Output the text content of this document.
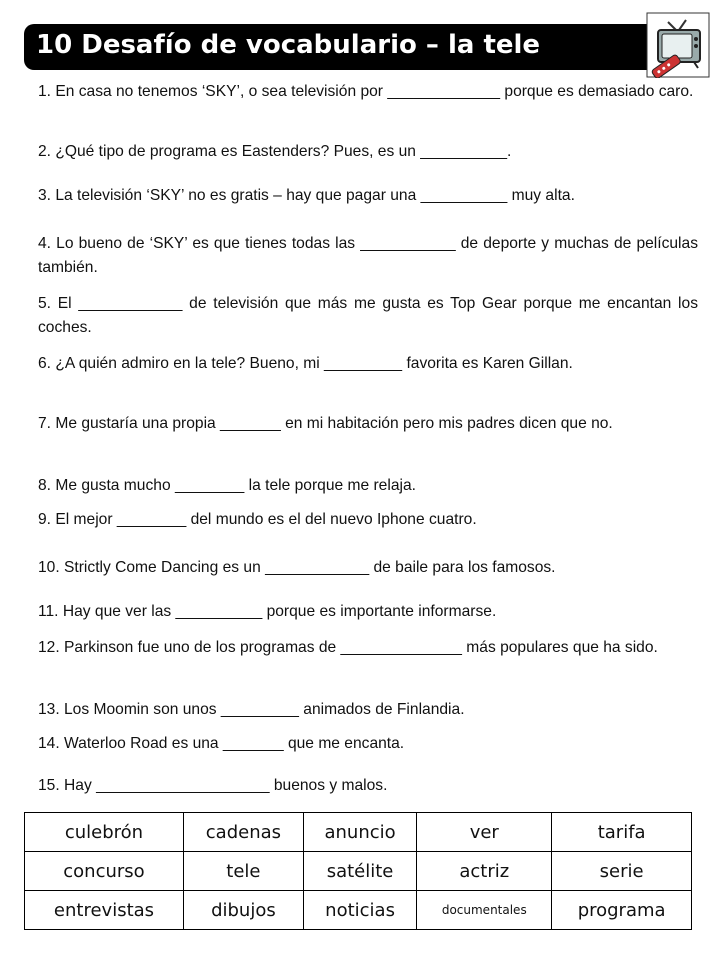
10 Desafío de vocabulario – la tele
1. En casa no tenemos ‘SKY’, o sea televisión por _____________ porque es demasiado caro.
2. ¿Qué tipo de programa es Eastenders? Pues, es un __________.
3. La televisión ‘SKY’ no es gratis – hay que pagar una __________ muy alta.
4. Lo bueno de ‘SKY’ es que tienes todas las ___________ de deporte y muchas de películas también.
5. El ____________ de televisión que más me gusta es Top Gear porque me encantan los coches.
6. ¿A quién admiro en la tele? Bueno, mi _________ favorita es Karen Gillan.
7. Me gustaría una propia _______ en mi habitación pero mis padres dicen que no.
8. Me gusta mucho ________ la tele porque me relaja.
9. El mejor ________ del mundo es el del nuevo Iphone cuatro.
10. Strictly Come Dancing es un ____________ de baile para los famosos.
11. Hay que ver las __________ porque es importante informarse.
12. Parkinson fue uno de los programas de ______________ más populares que ha sido.
13. Los Moomin son unos _________ animados de Finlandia.
14. Waterloo Road es una _______ que me encanta.
15. Hay ____________________ buenos y malos.
culebrón	cadenas	anuncio	ver	tarifa
concurso	tele	satélite	actriz	serie
entrevistas	dibujos	noticias	documentales	programa
